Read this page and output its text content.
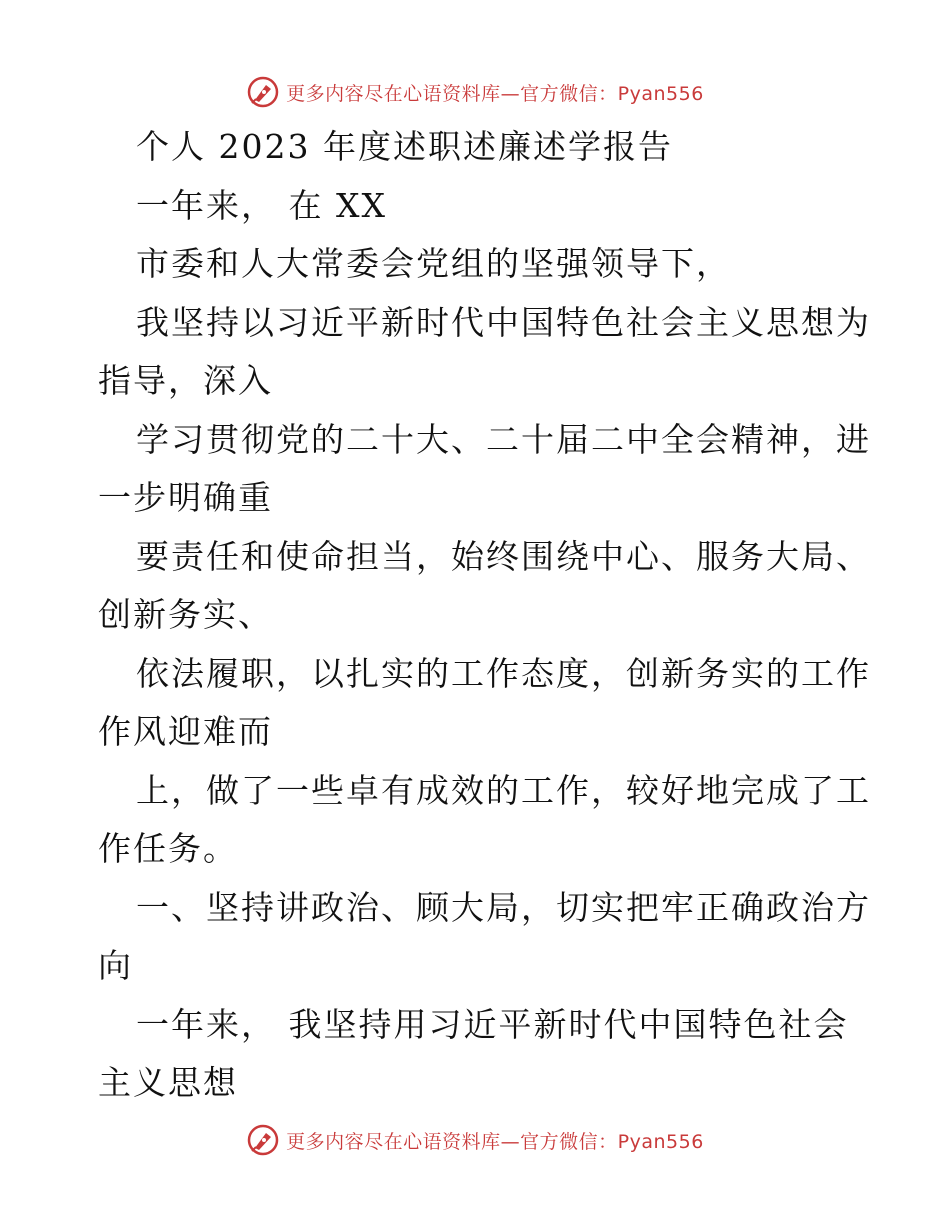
更多内容尽在心语资料库—官方微信：Pyan556
个人 2023 年度述职述廉述学报告
一年来， 在 XX
市委和人大常委会党组的坚强领导下，
我坚持以习近平新时代中国特色社会主义思想为
指导，深入
学习贯彻党的二十大、二十届二中全会精神，进
一步明确重
要责任和使命担当，始终围绕中心、服务大局、
创新务实、
依法履职，以扎实的工作态度，创新务实的工作
作风迎难而
上，做了一些卓有成效的工作，较好地完成了工
作任务。
一、坚持讲政治、顾大局，切实把牢正确政治方
向
一年来， 我坚持用习近平新时代中国特色社会
主义思想
更多内容尽在心语资料库—官方微信：Pyan556
